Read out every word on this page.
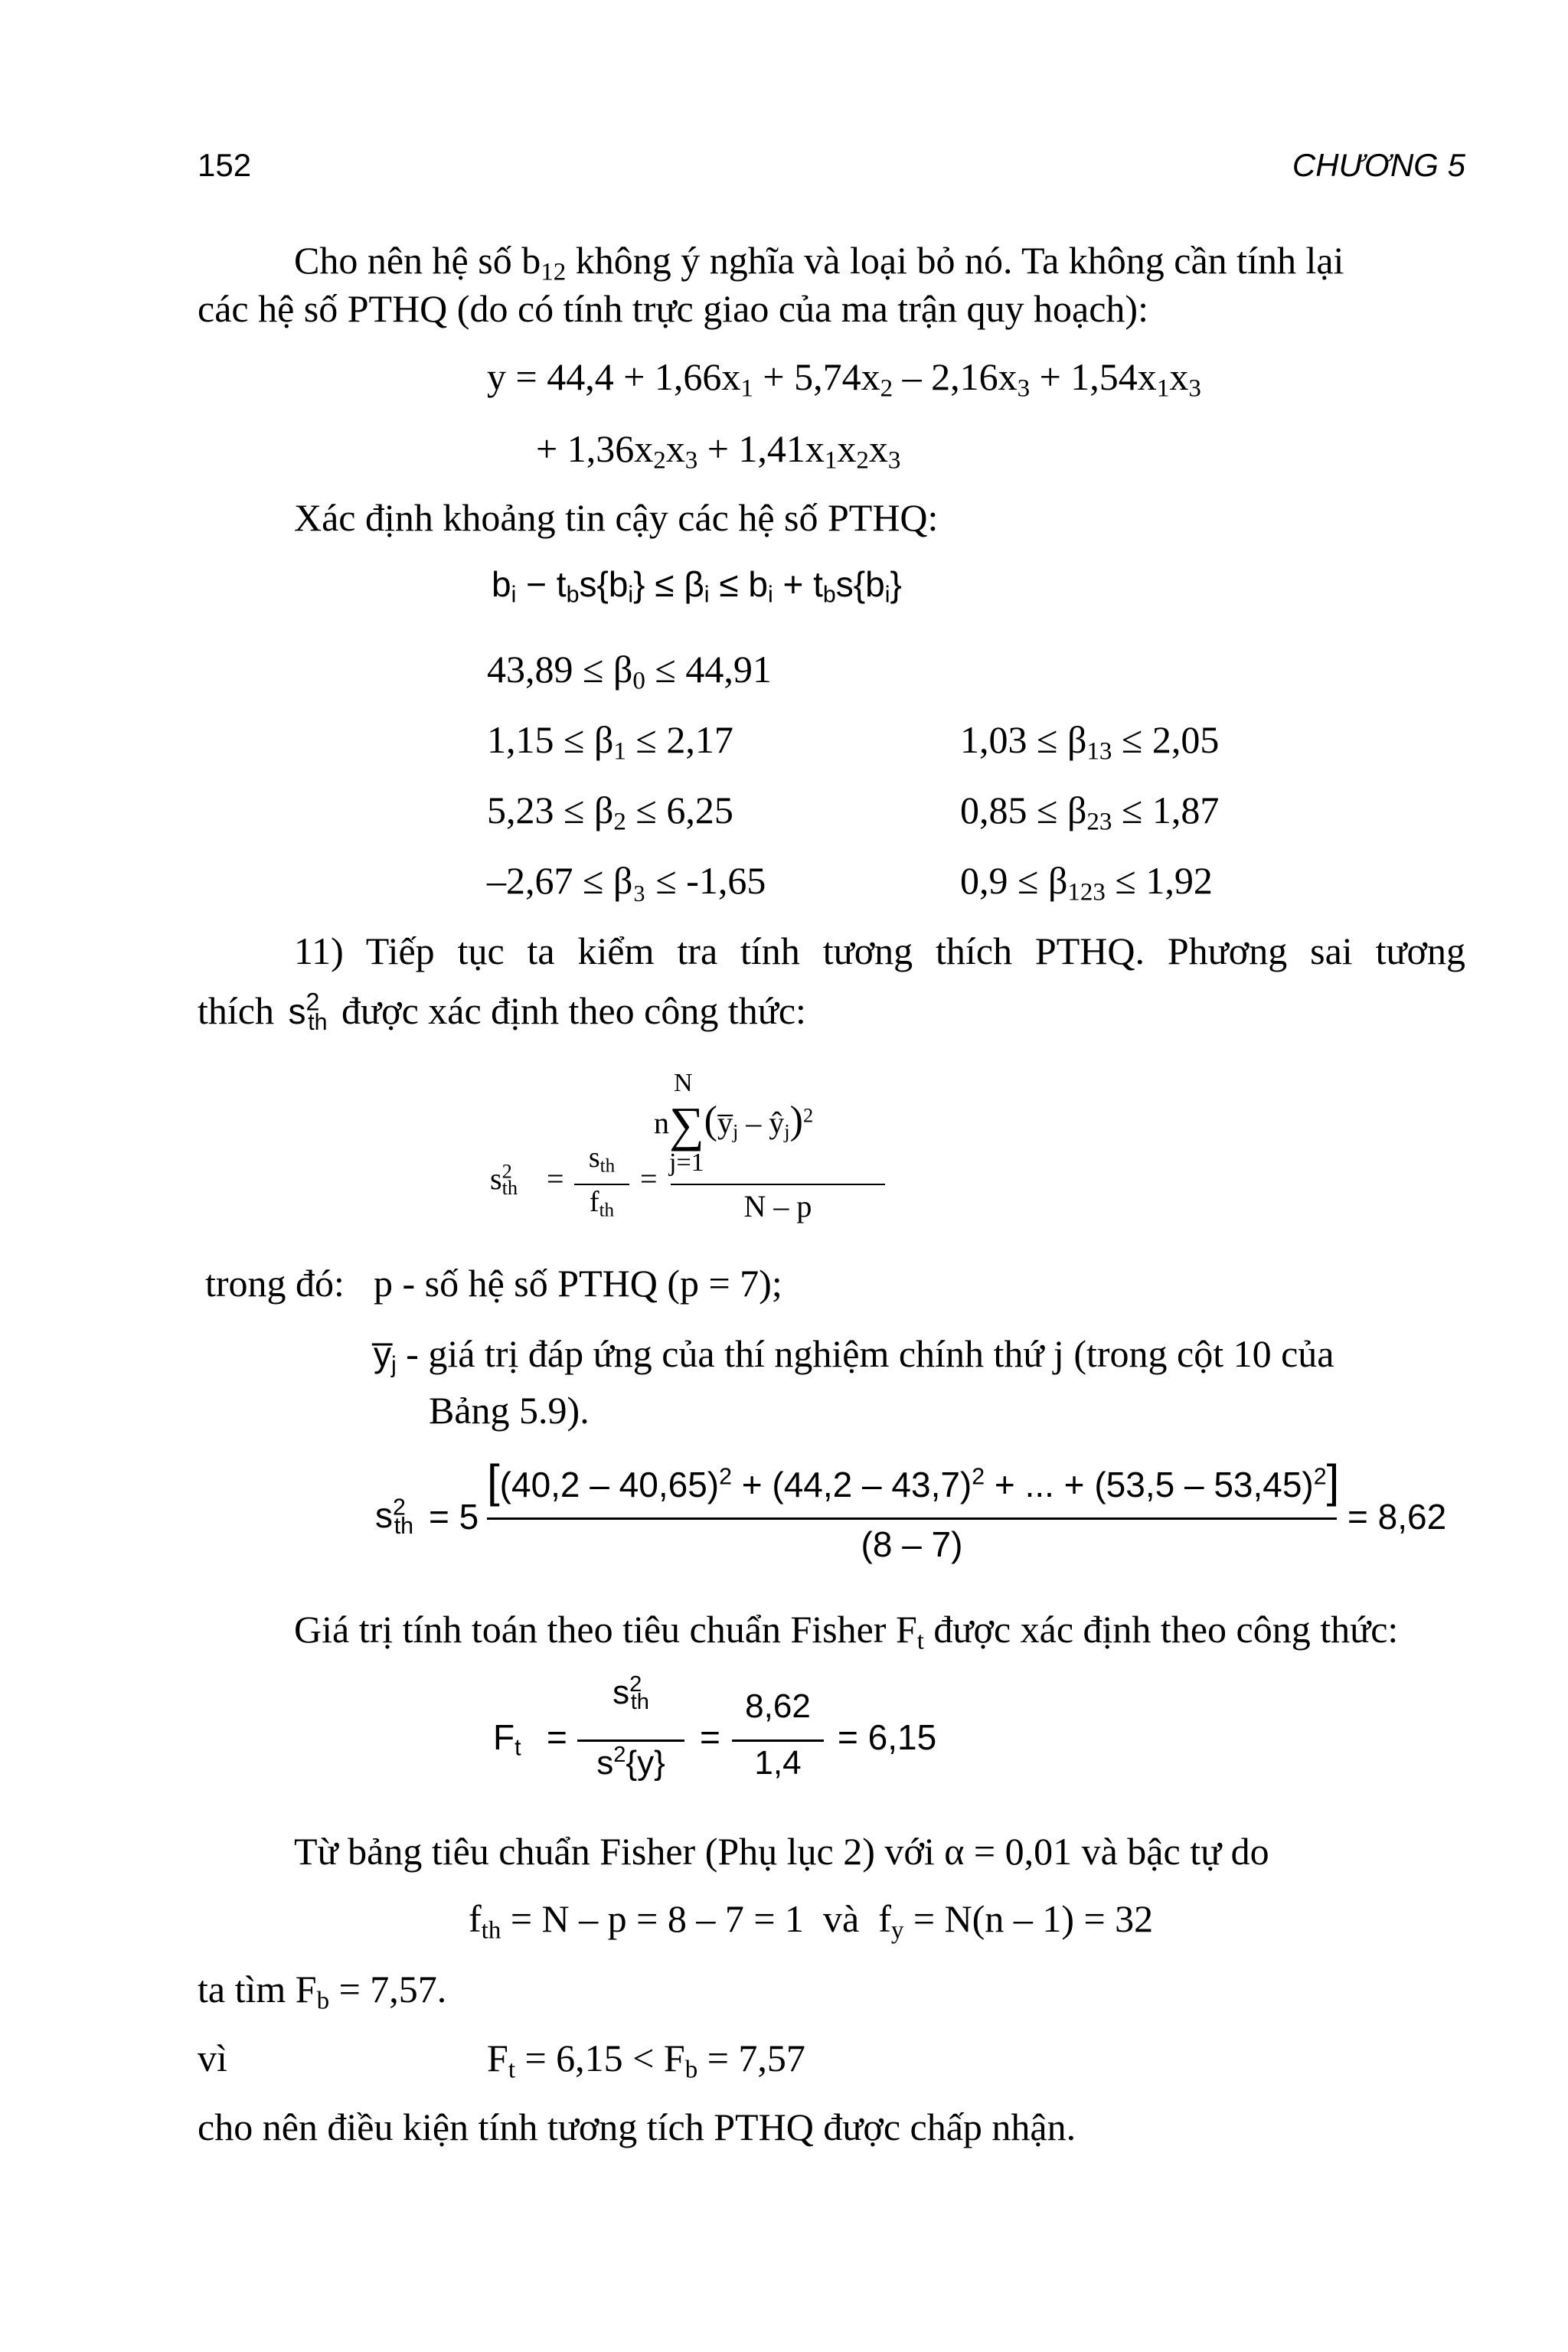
152	CHƯƠNG 5
Cho nên hệ số $b_{12}$ không ý nghĩa và loại bỏ nó. Ta không cần tính lại
các hệ số PTHQ (do có tính trực giao của ma trận quy hoạch):
$y = 44,4 + 1,66x_1 + 5,74x_2 - 2,16x_3 + 1,54x_1x_3$
+ $1,36x_2x_3 + 1,41x_1x_2x_3$
Xác định khoảng tin cậy các hệ số PTHQ:
$b_i - t_bs\{b_i\} \le \beta_i \le b_i + t_bs\{b_i\}$
$43,89 \le \beta_0 \le 44,91$
$1,15 \le \beta_1 \le 2,17$	$1,03 \le \beta_{13} \le 2,05$
$5,23 \le \beta_2 \le 6,25$	$0,85 \le \beta_{23} \le 1,87$
–2,67 ≤ β₃ ≤ -1,65	$0,9 \le \beta_{123} \le 1,92$
11) Tiếp tục ta kiểm tra tính tương thích PTHQ. Phương sai tương
thích $s^2_{th}$ được xác định theo công thức:
$s^2_{th}$ =
$s_{th}$
$f_{th}$
=
N
$n\sum(y̅_j$ – $ŷ_j)^2$
j=1
N – p
trong đó: p - số hệ số PTHQ (p = 7);
$y̅_j$ - giá trị đáp ứng của thí nghiệm chính thứ j (trong cột 10 của
Bảng 5.9).
$s^2_{th} = 5$
[(40,2 – 40,65)$^2$ + (44,2 – 43,7)$^2$ + ... + (53,5 – 53,45)$^2$]
(8 – 7)
= 8,62
Giá trị tính toán theo tiêu chuẩn Fisher $F_t$ được xác định theo công thức:
$F_t$ =
$s^2_{th}$
$s^2\{y\}$
=
8,62
1,4
= 6,15
Từ bảng tiêu chuẩn Fisher (Phụ lục 2) với α = 0,01 và bậc tự do
$f_{th} = N - p = 8 - 7 = 1$  và  $f_y = N(n - 1) = 32$
ta tìm $F_b = 7,57$.
vì	$F_t = 6,15 < F_b = 7,57$
cho nên điều kiện tính tương tích PTHQ được chấp nhận.
